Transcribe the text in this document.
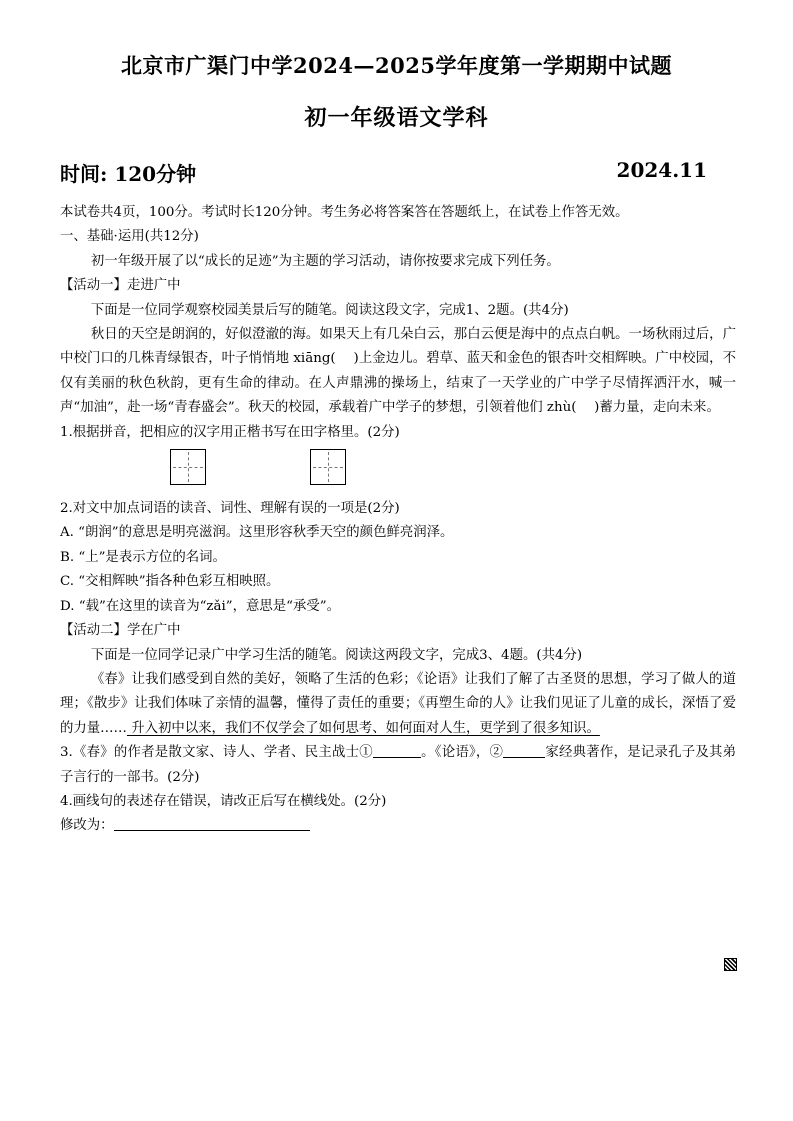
北京市广渠门中学2024—2025学年度第一学期期中试题
初一年级语文学科
时间: 120分钟	2024.11

本试卷共4页，100分。考试时长120分钟。考生务必将答案答在答题纸上，在试卷上作答无效。

一、基础·运用(共12分)

初一年级开展了以“成长的足迹”为主题的学习活动，请你按要求完成下列任务。

【活动一】走进广中

下面是一位同学观察校园美景后写的随笔。阅读这段文字，完成1、2题。(共4分)

秋日的天空是朗润的，好似澄澈的海。如果天上有几朵白云，那白云便是海中的点点白帆。一场秋雨过后，广中校门口的几株青绿银杏，叶子悄悄地 xiāng(　 )上金边儿。碧草、蓝天和金色的银杏叶交相辉映。广中校园，不仅有美丽的秋色秋韵，更有生命的律动。在人声鼎沸的操场上，结束了一天学业的广中学子尽情挥洒汗水，喊一声“加油”，赴一场“青春盛会”。秋天的校园，承载着广中学子的梦想，引领着他们 zhù(　 )蓄力量，走向未来。

1.根据拼音，把相应的汉字用正楷书写在田字格里。(2分)

2.对文中加点词语的读音、词性、理解有误的一项是(2分)

A. “朗润”的意思是明亮滋润。这里形容秋季天空的颜色鲜亮润泽。

B. “上”是表示方位的名词。

C. “交相辉映”指各种色彩互相映照。

D. “载”在这里的读音为“zǎi”，意思是“承受”。

【活动二】学在广中

下面是一位同学记录广中学习生活的随笔。阅读这两段文字，完成3、4题。(共4分)

《春》让我们感受到自然的美好，领略了生活的色彩；《论语》让我们了解了古圣贤的思想，学习了做人的道理；《散步》让我们体味了亲情的温馨，懂得了责任的重要；《再塑生命的人》让我们见证了儿童的成长，深悟了爱的力量…… 升入初中以来，我们不仅学会了如何思考、如何面对人生，更学到了很多知识。

3.《春》的作者是散文家、诗人、学者、民主战士①	。《论语》，②	家经典著作，是记录孔子及其弟子言行的一部书。(2分)

4.画线句的表述存在错误，请改正后写在横线处。(2分)

修改为：
